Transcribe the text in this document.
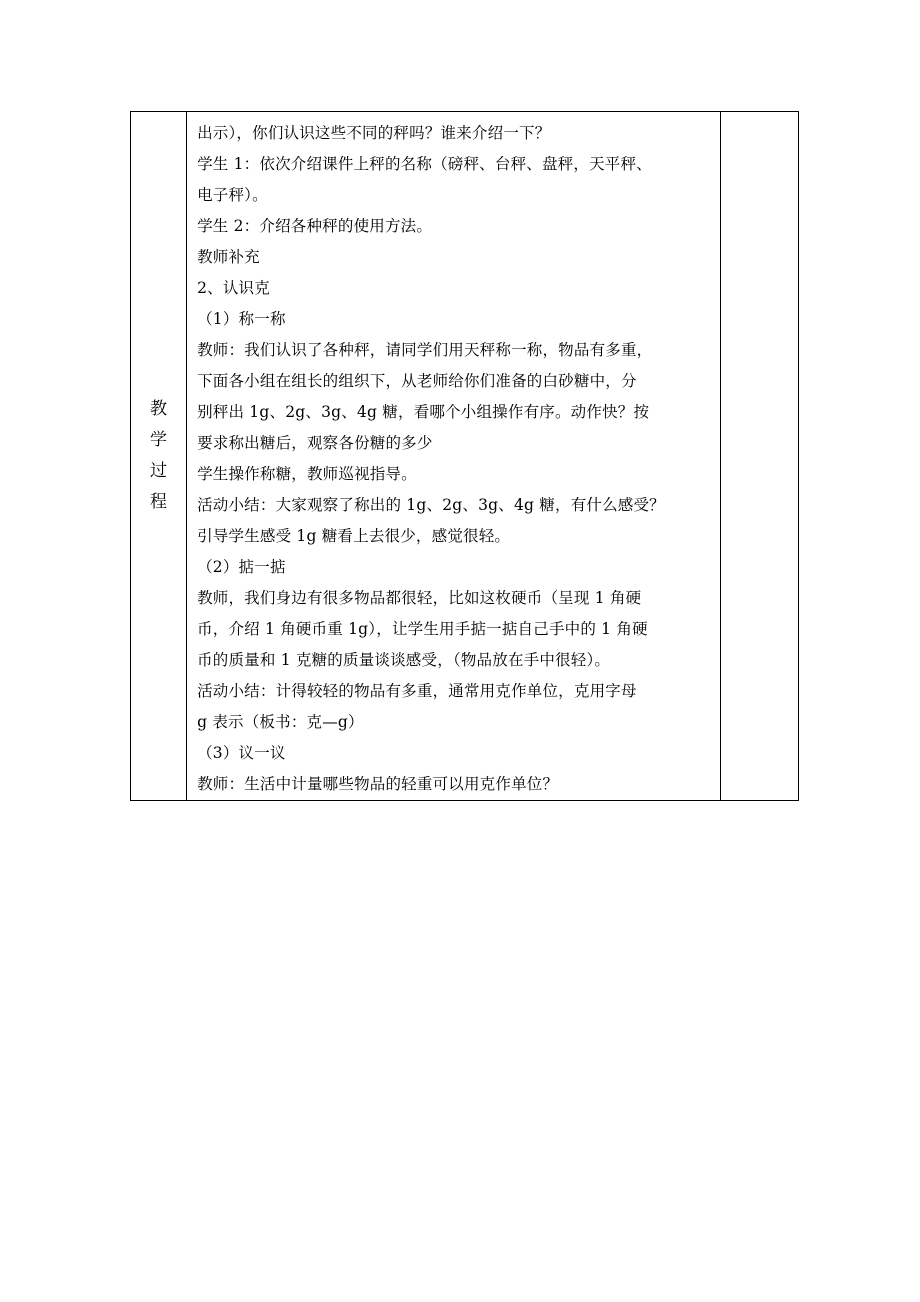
教
学
过
程

出示），你们认识这些不同的秤吗？谁来介绍一下？
学生 1：依次介绍课件上秤的名称（磅秤、台秤、盘秤，天平秤、
电子秤）。
学生 2：介绍各种秤的使用方法。
教师补充
2、认识克
（1）称一称
教师：我们认识了各种秤，请同学们用天秤称一称，物品有多重，
下面各小组在组长的组织下，从老师给你们准备的白砂糖中，分
别秤出 1g、2g、3g、4g 糖，看哪个小组操作有序。动作快？按
要求称出糖后，观察各份糖的多少
学生操作称糖，教师巡视指导。
活动小结：大家观察了称出的 1g、2g、3g、4g 糖，有什么感受？
引导学生感受 1g 糖看上去很少，感觉很轻。
（2）掂一掂
教师，我们身边有很多物品都很轻，比如这枚硬币（呈现 1 角硬
币，介绍 1 角硬币重 1g），让学生用手掂一掂自己手中的 1 角硬
币的质量和 1 克糖的质量谈谈感受，（物品放在手中很轻）。
活动小结：计得较轻的物品有多重，通常用克作单位，克用字母
g 表示（板书：克—g）
（3）议一议
教师：生活中计量哪些物品的轻重可以用克作单位？
